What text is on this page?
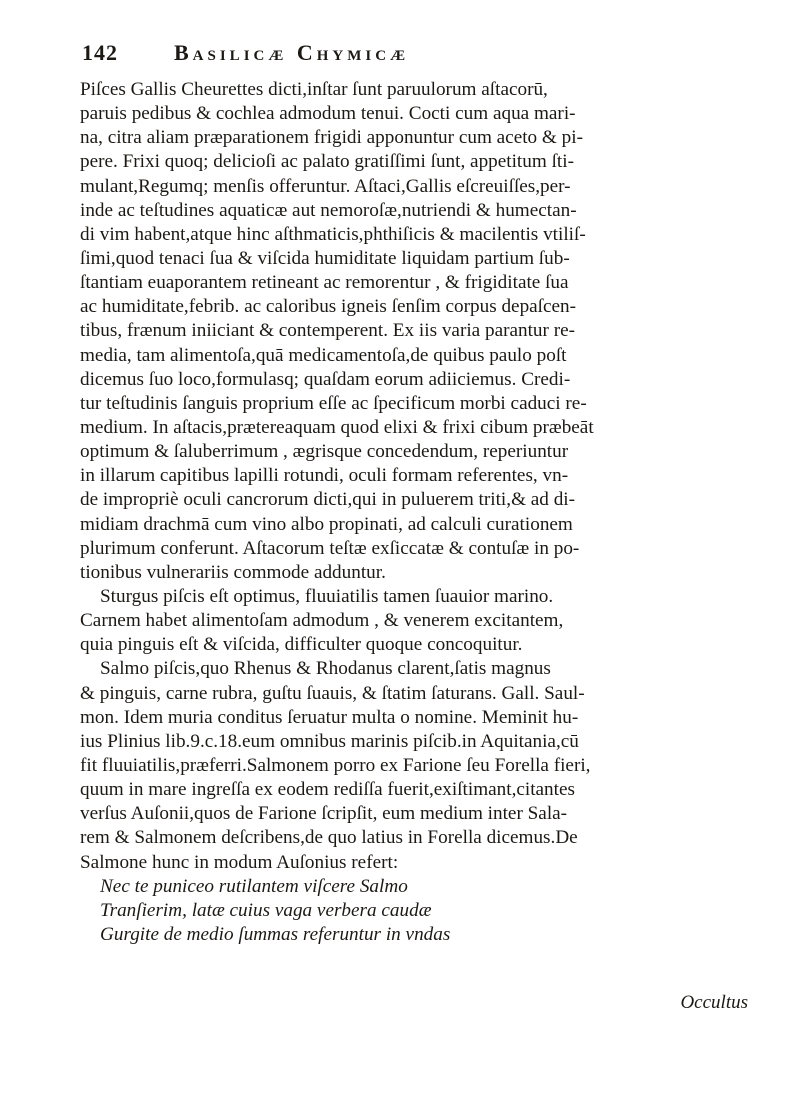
142	Basilicæ Chymicæ
Piſces Gallis Cheurettes dicti,inſtar ſunt paruulorum aſtacorū,
paruis pedibus & cochlea admodum tenui. Cocti cum aqua mari-
na, citra aliam præparationem frigidi apponuntur cum aceto & pi-
pere. Frixi quoq; delicioſi ac palato gratiſſimi ſunt, appetitum ſti-
mulant,Regumq; menſis offeruntur. Aſtaci,Gallis eſcreuiſſes,per-
inde ac teſtudines aquaticæ aut nemoroſæ,nutriendi & humectan-
di vim habent,atque hinc aſthmaticis,phthiſicis & macilentis vtiliſ-
ſimi,quod tenaci ſua & viſcida humiditate liquidam partium ſub-
ſtantiam euaporantem retineant ac remorentur , & frigiditate ſua
ac humiditate,febrib. ac caloribus igneis ſenſim corpus depaſcen-
tibus, frænum iniiciant & contemperent. Ex iis varia parantur re-
media, tam alimentoſa,quā medicamentoſa,de quibus paulo poſt
dicemus ſuo loco,formulasq; quaſdam eorum adiiciemus. Credi-
tur teſtudinis ſanguis proprium eſſe ac ſpecificum morbi caduci re-
medium. In aſtacis,prætereaquam quod elixi & frixi cibum præbeāt
optimum & ſaluberrimum , ægrisque concedendum, reperiuntur
in illarum capitibus lapilli rotundi, oculi formam referentes, vn-
de impropriè oculi cancrorum dicti,qui in puluerem triti,& ad di-
midiam drachmā cum vino albo propinati, ad calculi curationem
plurimum conferunt. Aſtacorum teſtæ exſiccatæ & contuſæ in po-
tionibus vulnerariis commode adduntur.
Sturgus piſcis eſt optimus, fluuiatilis tamen ſuauior marino.
Carnem habet alimentoſam admodum , & venerem excitantem,
quia pinguis eſt & viſcida, difficulter quoque concoquitur.
Salmo piſcis,quo Rhenus & Rhodanus clarent,ſatis magnus
& pinguis, carne rubra, guſtu ſuauis, & ſtatim ſaturans. Gall. Saul-
mon. Idem muria conditus ſeruatur multa o nomine. Meminit hu-
ius Plinius lib.9.c.18.eum omnibus marinis piſcib.in Aquitania,cū
fit fluuiatilis,præferri.Salmonem porro ex Farione ſeu Forella fieri,
quum in mare ingreſſa ex eodem rediſſa fuerit,exiſtimant,citantes
verſus Auſonii,quos de Farione ſcripſit, eum medium inter Sala-
rem & Salmonem deſcribens,de quo latius in Forella dicemus.De
Salmone hunc in modum Auſonius refert:
Nec te puniceo rutilantem viſcere Salmo
Tranſierim, latæ cuius vaga verbera caudæ
Gurgite de medio ſummas referuntur in vndas
Occultus
